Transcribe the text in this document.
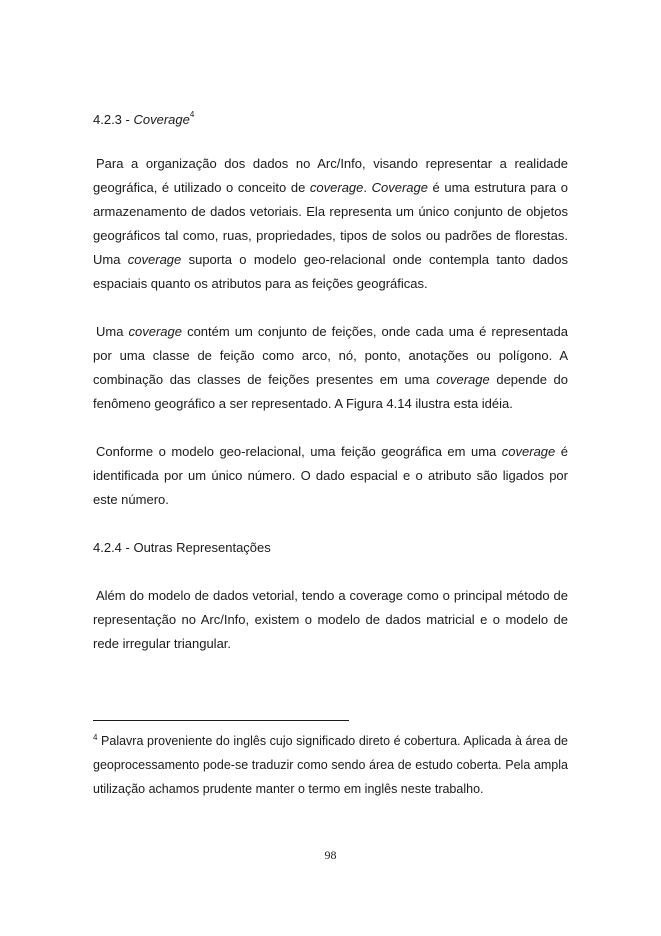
4.2.3 - Coverage$^4$

Para a organização dos dados no Arc/Info, visando representar a realidade geográfica, é utilizado o conceito de coverage. Coverage é uma estrutura para o armazenamento de dados vetoriais. Ela representa um único conjunto de objetos geográficos tal como, ruas, propriedades, tipos de solos ou padrões de florestas. Uma coverage suporta o modelo geo-relacional onde contempla tanto dados espaciais quanto os atributos para as feições geográficas.

Uma coverage contém um conjunto de feições, onde cada uma é representada por uma classe de feição como arco, nó, ponto, anotações ou polígono. A combinação das classes de feições presentes em uma coverage depende do fenômeno geográfico a ser representado. A Figura 4.14 ilustra esta idéia.

Conforme o modelo geo-relacional, uma feição geográfica em uma coverage é identificada por um único número. O dado espacial e o atributo são ligados por este número.

4.2.4 - Outras Representações

Além do modelo de dados vetorial, tendo a coverage como o principal método de representação no Arc/Info, existem o modelo de dados matricial e o modelo de rede irregular triangular.

$^4$ Palavra proveniente do inglês cujo significado direto é cobertura. Aplicada à área de geoprocessamento pode-se traduzir como sendo área de estudo coberta. Pela ampla utilização achamos prudente manter o termo em inglês neste trabalho.

98
